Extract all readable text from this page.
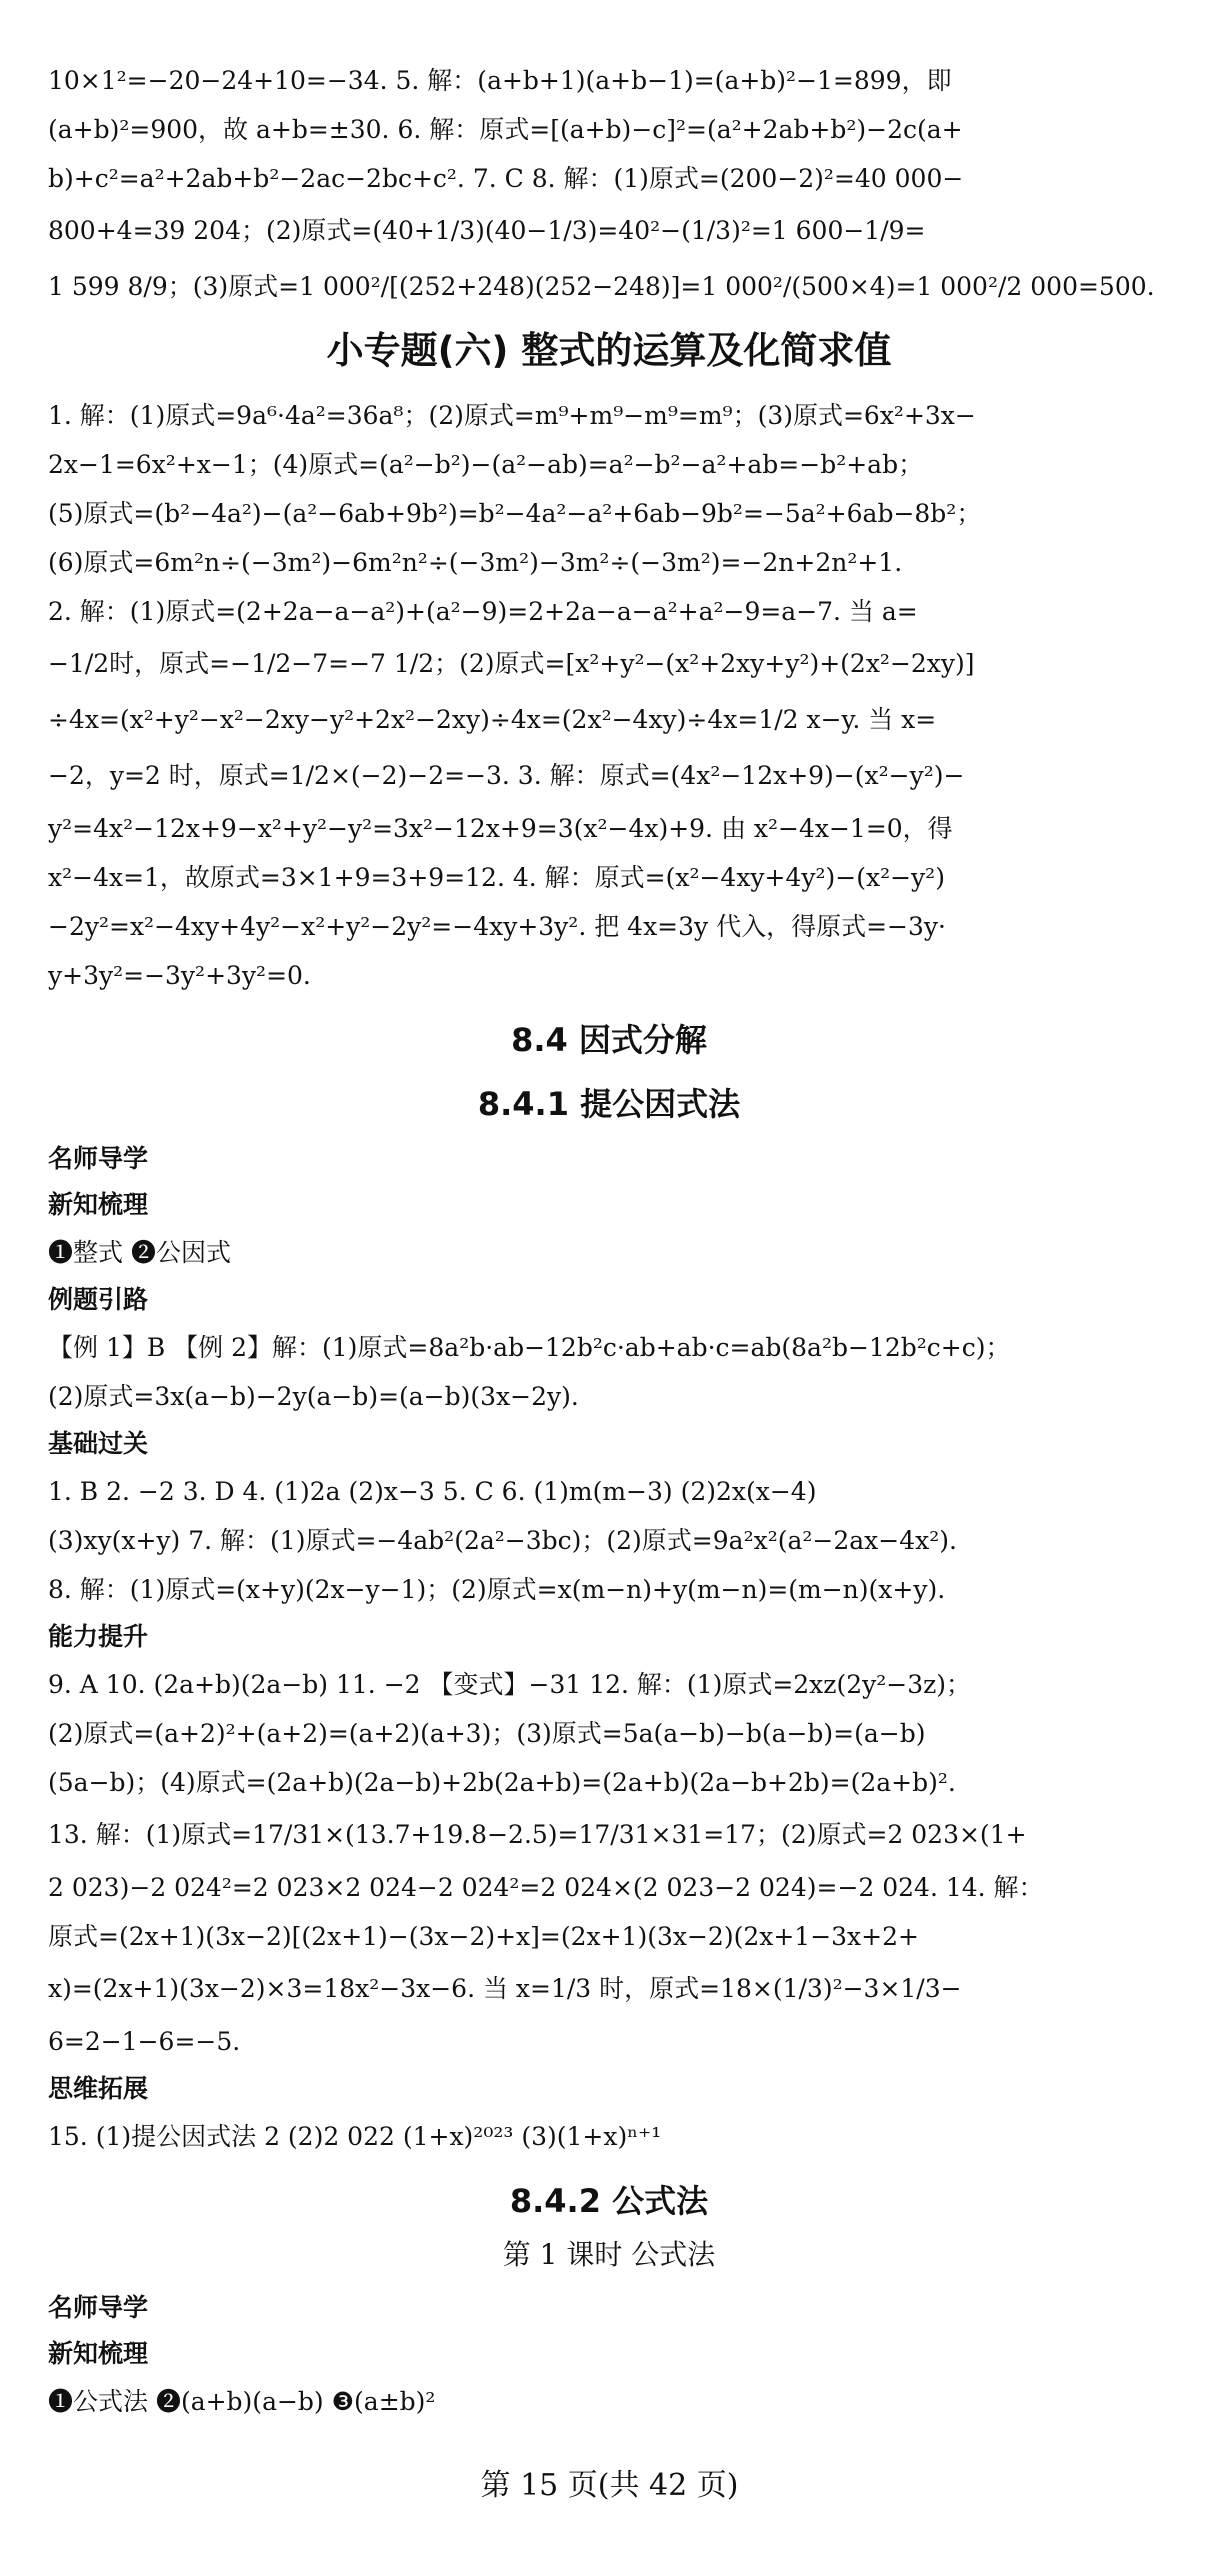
10×1²=−20−24+10=−34. 5. 解：(a+b+1)(a+b−1)=(a+b)²−1=899，即

(a+b)²=900，故 a+b=±30. 6. 解：原式=[(a+b)−c]²=(a²+2ab+b²)−2c(a+

b)+c²=a²+2ab+b²−2ac−2bc+c². 7. C 8. 解：(1)原式=(200−2)²=40 000−

800+4=39 204；(2)原式=(40+1/3)(40−1/3)=40²−(1/3)²=1 600−1/9=

1 599 8/9；(3)原式=1 000²/[(252+248)(252−248)]=1 000²/(500×4)=1 000²/2 000=500.

小专题(六) 整式的运算及化简求值

1. 解：(1)原式=9a⁶·4a²=36a⁸；(2)原式=m⁹+m⁹−m⁹=m⁹；(3)原式=6x²+3x−

2x−1=6x²+x−1；(4)原式=(a²−b²)−(a²−ab)=a²−b²−a²+ab=−b²+ab；

(5)原式=(b²−4a²)−(a²−6ab+9b²)=b²−4a²−a²+6ab−9b²=−5a²+6ab−8b²；

(6)原式=6m²n÷(−3m²)−6m²n²÷(−3m²)−3m²÷(−3m²)=−2n+2n²+1.

2. 解：(1)原式=(2+2a−a−a²)+(a²−9)=2+2a−a−a²+a²−9=a−7. 当 a=

−1/2时，原式=−1/2−7=−7 1/2；(2)原式=[x²+y²−(x²+2xy+y²)+(2x²−2xy)]

÷4x=(x²+y²−x²−2xy−y²+2x²−2xy)÷4x=(2x²−4xy)÷4x=1/2 x−y. 当 x=

−2，y=2 时，原式=1/2×(−2)−2=−3. 3. 解：原式=(4x²−12x+9)−(x²−y²)−

y²=4x²−12x+9−x²+y²−y²=3x²−12x+9=3(x²−4x)+9. 由 x²−4x−1=0，得

x²−4x=1，故原式=3×1+9=3+9=12. 4. 解：原式=(x²−4xy+4y²)−(x²−y²)

−2y²=x²−4xy+4y²−x²+y²−2y²=−4xy+3y². 把 4x=3y 代入，得原式=−3y·

y+3y²=−3y²+3y²=0.

8.4 因式分解
8.4.1 提公因式法

名师导学

新知梳理

❶整式 ❷公因式

例题引路

【例 1】B 【例 2】解：(1)原式=8a²b·ab−12b²c·ab+ab·c=ab(8a²b−12b²c+c)；

(2)原式=3x(a−b)−2y(a−b)=(a−b)(3x−2y).

基础过关

1. B 2. −2 3. D 4. (1)2a (2)x−3 5. C 6. (1)m(m−3) (2)2x(x−4)

(3)xy(x+y) 7. 解：(1)原式=−4ab²(2a²−3bc)；(2)原式=9a²x²(a²−2ax−4x²).

8. 解：(1)原式=(x+y)(2x−y−1)；(2)原式=x(m−n)+y(m−n)=(m−n)(x+y).

能力提升

9. A 10. (2a+b)(2a−b) 11. −2 【变式】−31 12. 解：(1)原式=2xz(2y²−3z)；

(2)原式=(a+2)²+(a+2)=(a+2)(a+3)；(3)原式=5a(a−b)−b(a−b)=(a−b)

(5a−b)；(4)原式=(2a+b)(2a−b)+2b(2a+b)=(2a+b)(2a−b+2b)=(2a+b)².

13. 解：(1)原式=17/31×(13.7+19.8−2.5)=17/31×31=17；(2)原式=2 023×(1+

2 023)−2 024²=2 023×2 024−2 024²=2 024×(2 023−2 024)=−2 024. 14. 解：

原式=(2x+1)(3x−2)[(2x+1)−(3x−2)+x]=(2x+1)(3x−2)(2x+1−3x+2+

x)=(2x+1)(3x−2)×3=18x²−3x−6. 当 x=1/3 时，原式=18×(1/3)²−3×1/3−

6=2−1−6=−5.

思维拓展

15. (1)提公因式法 2 (2)2 022 (1+x)²⁰²³ (3)(1+x)ⁿ⁺¹

8.4.2 公式法
第 1 课时 公式法

名师导学

新知梳理

❶公式法 ❷(a+b)(a−b) ❸(a±b)²

第 15 页(共 42 页)
